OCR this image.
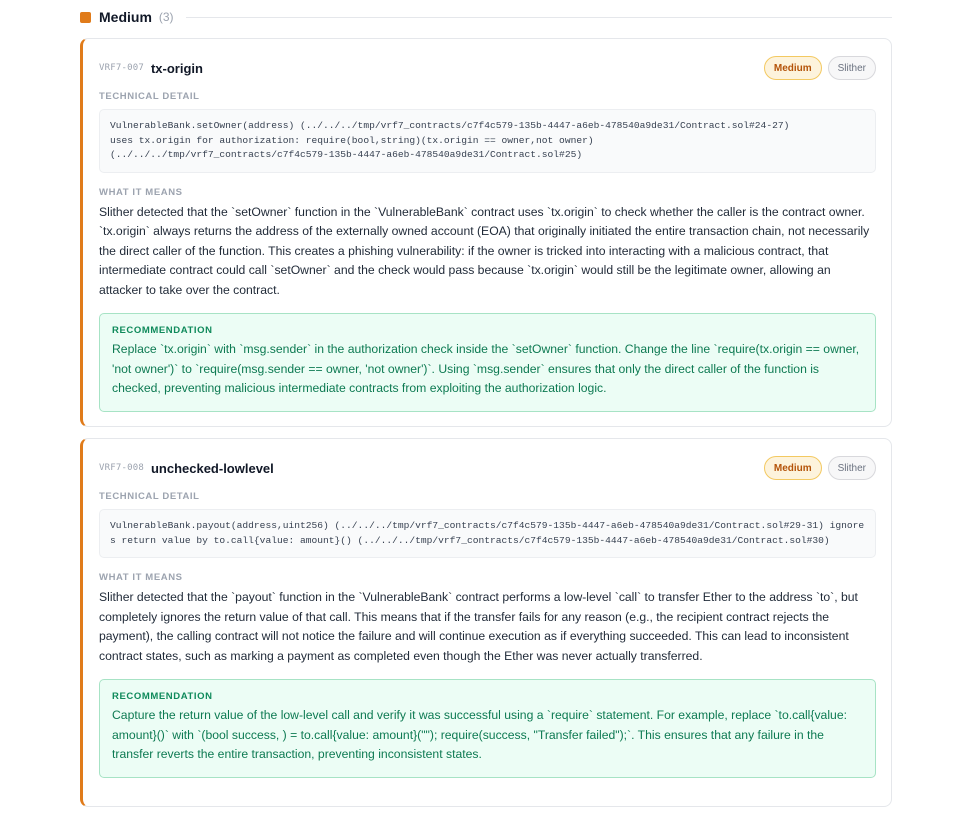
Medium (3)
VRF7-007 tx-origin	Medium	Slither
TECHNICAL DETAIL
VulnerableBank.setOwner(address) (../../../tmp/vrf7_contracts/c7f4c579-135b-4447-a6eb-478540a9de31/Contract.sol#24-27)
uses tx.origin for authorization: require(bool,string)(tx.origin == owner,not owner)
(../../../tmp/vrf7_contracts/c7f4c579-135b-4447-a6eb-478540a9de31/Contract.sol#25)
WHAT IT MEANS
Slither detected that the `setOwner` function in the `VulnerableBank` contract uses `tx.origin` to check whether the caller is the contract owner. `tx.origin` always returns the address of the externally owned account (EOA) that originally initiated the entire transaction chain, not necessarily the direct caller of the function. This creates a phishing vulnerability: if the owner is tricked into interacting with a malicious contract, that intermediate contract could call `setOwner` and the check would pass because `tx.origin` would still be the legitimate owner, allowing an attacker to take over the contract.
RECOMMENDATION
Replace `tx.origin` with `msg.sender` in the authorization check inside the `setOwner` function. Change the line `require(tx.origin == owner, 'not owner')` to `require(msg.sender == owner, 'not owner')`. Using `msg.sender` ensures that only the direct caller of the function is checked, preventing malicious intermediate contracts from exploiting the authorization logic.
VRF7-008 unchecked-lowlevel	Medium	Slither
TECHNICAL DETAIL
VulnerableBank.payout(address,uint256) (../../../tmp/vrf7_contracts/c7f4c579-135b-4447-a6eb-478540a9de31/Contract.sol#29-31) ignores return value by to.call{value: amount}() (../../../tmp/vrf7_contracts/c7f4c579-135b-4447-a6eb-478540a9de31/Contract.sol#30)
WHAT IT MEANS
Slither detected that the `payout` function in the `VulnerableBank` contract performs a low-level `call` to transfer Ether to the address `to`, but completely ignores the return value of that call. This means that if the transfer fails for any reason (e.g., the recipient contract rejects the payment), the calling contract will not notice the failure and will continue execution as if everything succeeded. This can lead to inconsistent contract states, such as marking a payment as completed even though the Ether was never actually transferred.
RECOMMENDATION
Capture the return value of the low-level call and verify it was successful using a `require` statement. For example, replace `to.call{value: amount}()` with `(bool success, ) = to.call{value: amount}(""); require(success, "Transfer failed");`. This ensures that any failure in the transfer reverts the entire transaction, preventing inconsistent states.
